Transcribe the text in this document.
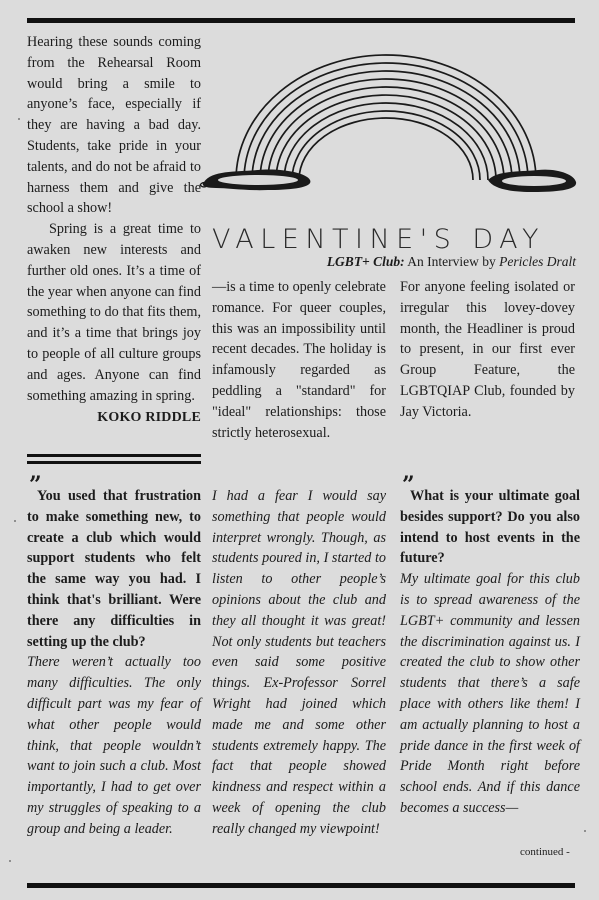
Hearing these sounds coming from the Rehearsal Room would bring a smile to anyone’s face, especially if they are having a bad day. Students, take pride in your talents, and do not be afraid to harness them and give the school a show!

Spring is a great time to awaken new interests and further old ones. It’s a time of the year when anyone can find something to do that fits them, and it’s a time that brings joy to people of all culture groups and ages. Anyone can find something amazing in spring.

KOKO RIDDLE
VALENTINE'S DAY
LGBT+ Club: An Interview by Pericles Dralt

—is a time to openly celebrate romance. For queer couples, this was an impossibility until recent decades. The holiday is infamously regarded as peddling a "standard" for "ideal" relationships: those strictly heterosexual.

For anyone feeling isolated or irregular this lovey-dovey month, the Headliner is proud to present, in our first ever Group Feature, the LGBTQIAP Club, founded by Jay Victoria.

”	”

You used that frustration to make something new, to create a club which would support students who felt the same way you had. I think that's brilliant. Were there any difficulties in setting up the club?

There weren’t actually too many difficulties. The only difficult part was my fear of what other people would think, that people wouldn’t want to join such a club. Most importantly, I had to get over my struggles of speaking to a group and being a leader.

I had a fear I would say something that people would interpret wrongly. Though, as students poured in, I started to listen to other people’s opinions about the club and they all thought it was great! Not only students but teachers even said some positive things. Ex-Professor Sorrel Wright had joined which made me and some other students extremely happy. The fact that people showed kindness and respect within a week of opening the club really changed my viewpoint!

What is your ultimate goal besides support? Do you also intend to host events in the future?

My ultimate goal for this club is to spread awareness of the LGBT+ community and lessen the discrimination against us. I created the club to show other students that there’s a safe place with others like them! I am actually planning to host a pride dance in the first week of Pride Month right before school ends. And if this dance becomes a success—

continued -
